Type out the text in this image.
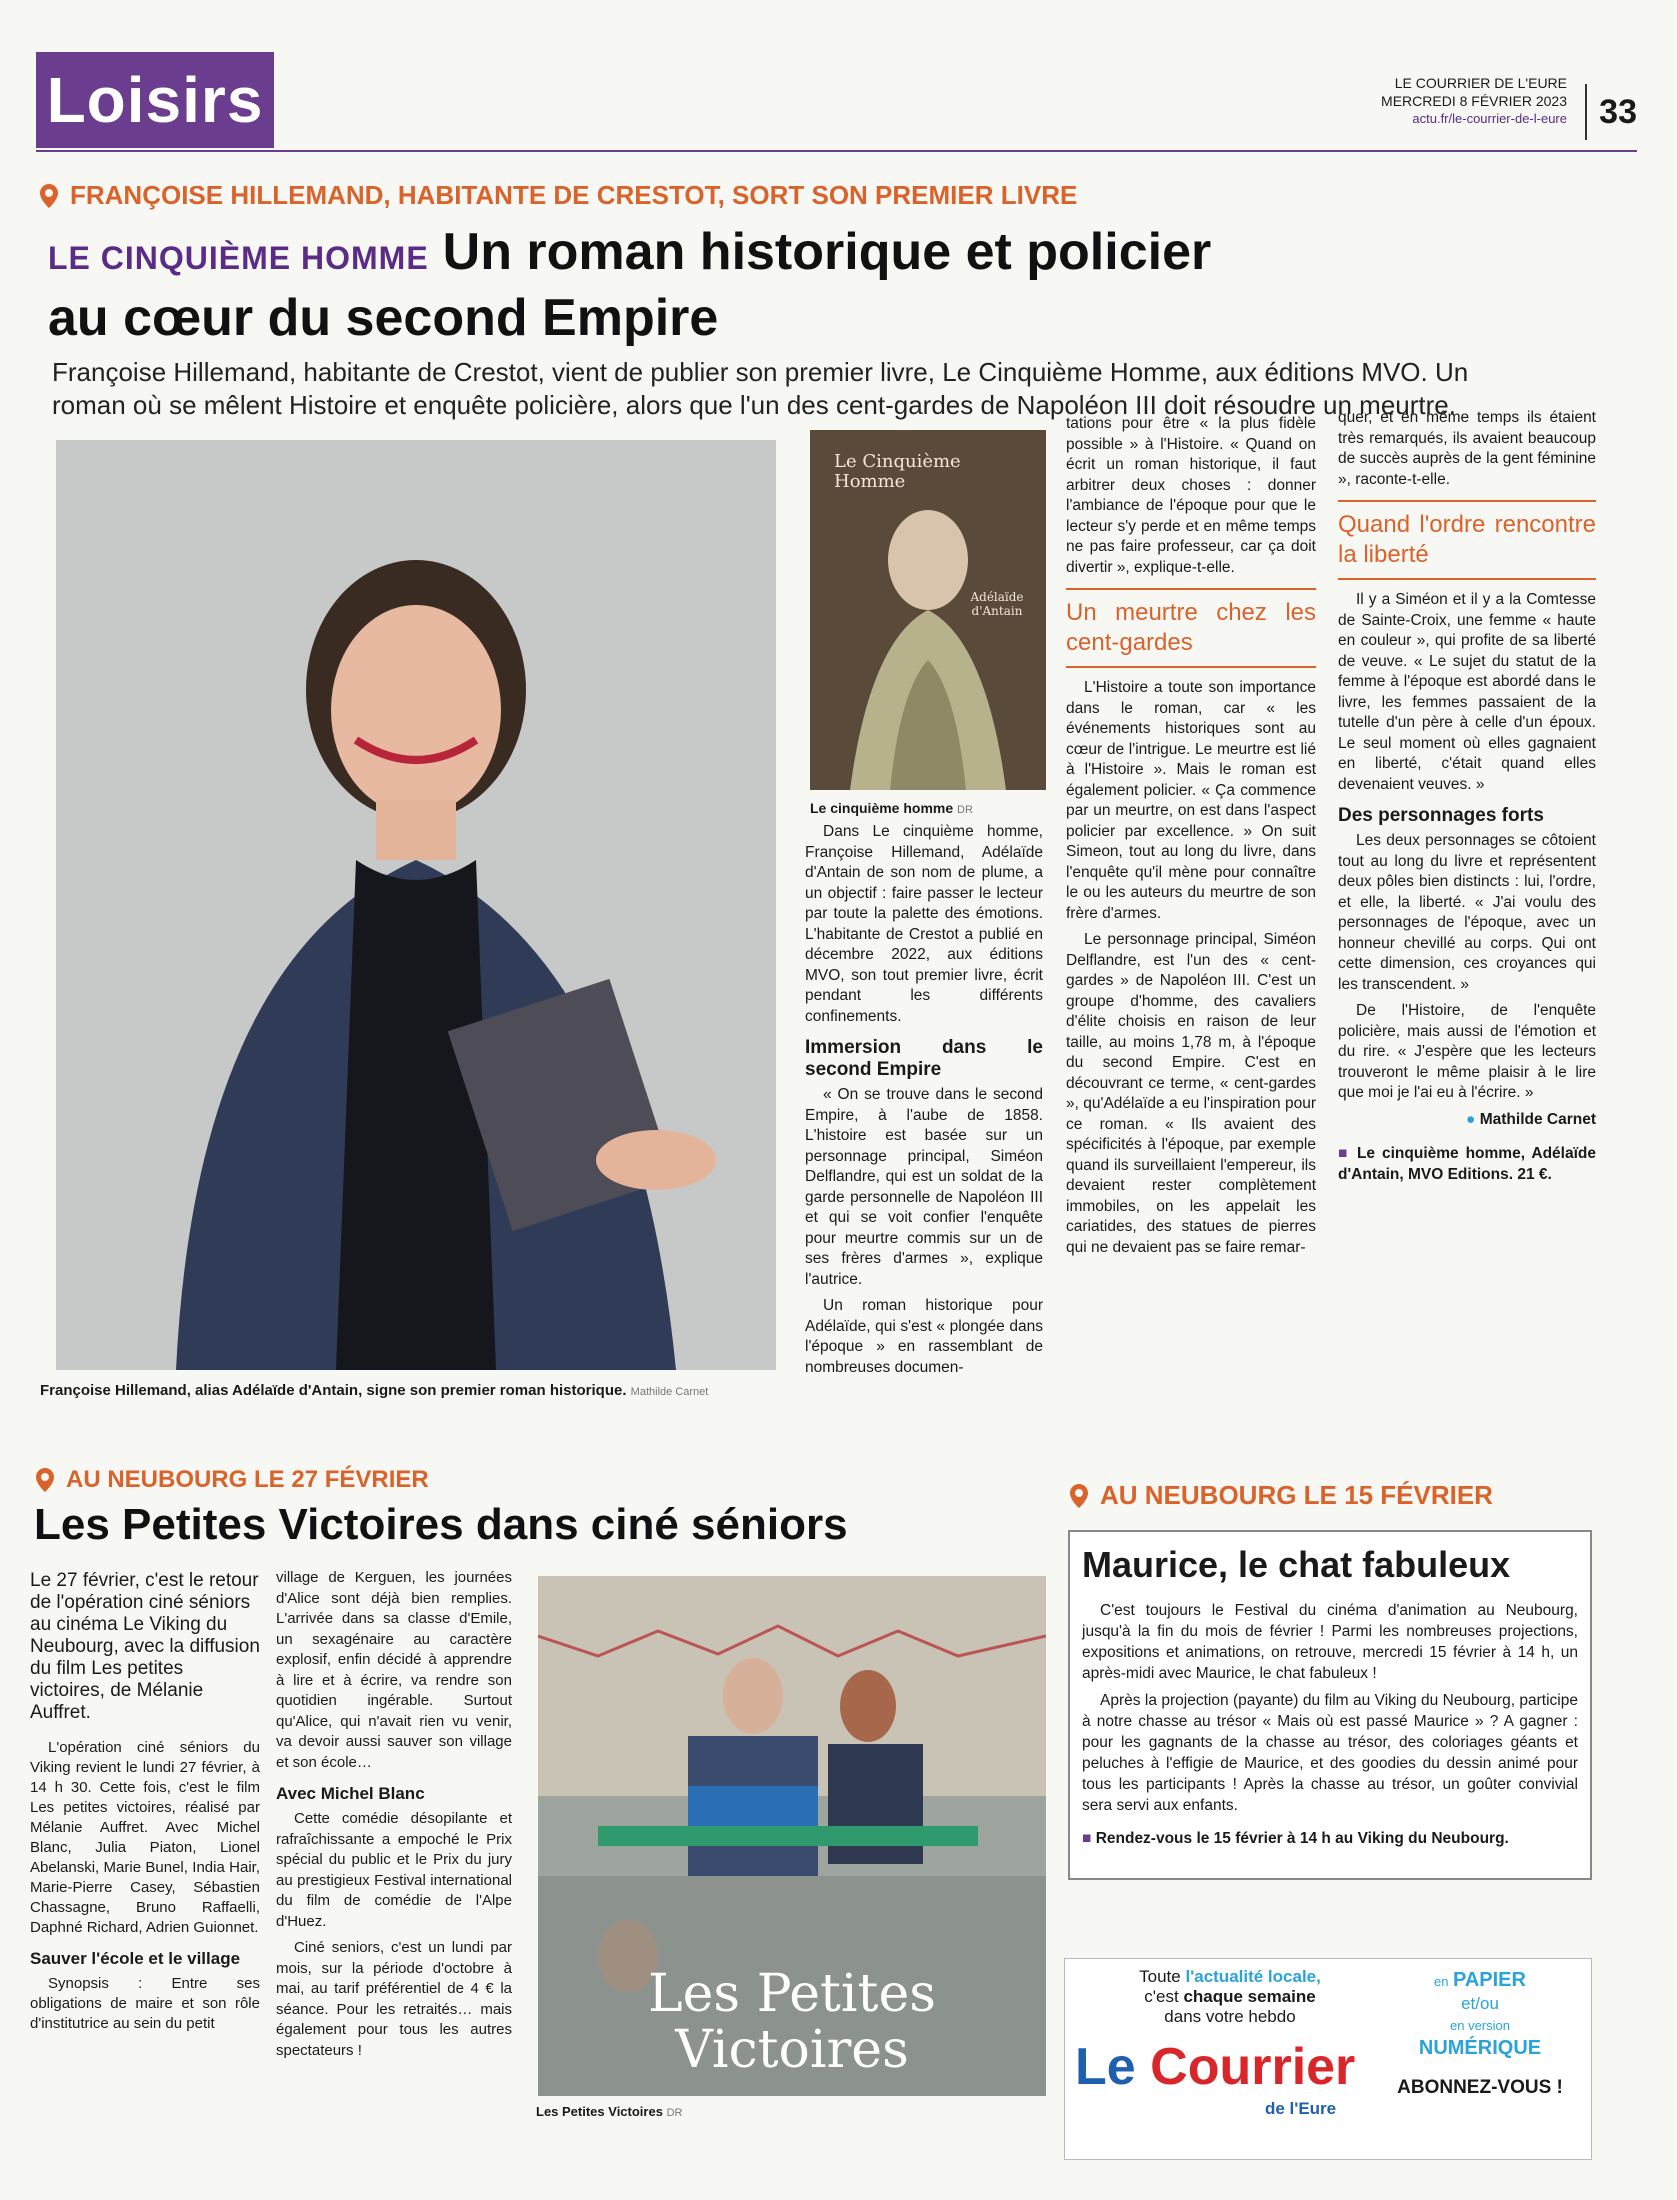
Loisirs	LE COURRIER DE L'EURE
MERCREDI 8 FÉVRIER 2023
actu.fr/le-courrier-de-l-eure 33
FRANÇOISE HILLEMAND, HABITANTE DE CRESTOT, SORT SON PREMIER LIVRE
LE CINQUIÈME HOMME Un roman historique et policier
au cœur du second Empire
Françoise Hillemand, habitante de Crestot, vient de publier son premier livre, Le Cinquième Homme, aux éditions MVO. Un roman où se mêlent Histoire et enquête policière, alors que l'un des cent-gardes de Napoléon III doit résoudre un meurtre.
Françoise Hillemand, alias Adélaïde d'Antain, signe son premier roman historique. Mathilde Carnet
Le Cinquième
Homme
Adélaïde d'Antain
Le cinquième homme DR

Dans Le cinquième homme, Françoise Hillemand, Adélaïde d'Antain de son nom de plume, a un objectif : faire passer le lecteur par toute la palette des émotions. L'habitante de Crestot a publié en décembre 2022, aux éditions MVO, son tout premier livre, écrit pendant les différents confinements.

Immersion dans le second Empire

« On se trouve dans le second Empire, à l'aube de 1858. L'histoire est basée sur un personnage principal, Siméon Delflandre, qui est un soldat de la garde personnelle de Napoléon III et qui se voit confier l'enquête pour meurtre commis sur un de ses frères d'armes », explique l'autrice.

Un roman historique pour Adélaïde, qui s'est « plongée dans l'époque » en rassemblant de nombreuses documen-

tations pour être « la plus fidèle possible » à l'Histoire. « Quand on écrit un roman historique, il faut arbitrer deux choses : donner l'ambiance de l'époque pour que le lecteur s'y perde et en même temps ne pas faire professeur, car ça doit divertir », explique-t-elle.

Un meurtre chez les cent-gardes

L'Histoire a toute son importance dans le roman, car « les événements historiques sont au cœur de l'intrigue. Le meurtre est lié à l'Histoire ». Mais le roman est également policier. « Ça commence par un meurtre, on est dans l'aspect policier par excellence. » On suit Simeon, tout au long du livre, dans l'enquête qu'il mène pour connaître le ou les auteurs du meurtre de son frère d'armes.

Le personnage principal, Siméon Delflandre, est l'un des « cent-gardes » de Napoléon III. C'est un groupe d'homme, des cavaliers d'élite choisis en raison de leur taille, au moins 1,78 m, à l'époque du second Empire. C'est en découvrant ce terme, « cent-gardes », qu'Adélaïde a eu l'inspiration pour ce roman. « Ils avaient des spécificités à l'époque, par exemple quand ils surveillaient l'empereur, ils devaient rester complètement immobiles, on les appelait les cariatides, des statues de pierres qui ne devaient pas se faire remar-

quer, et en même temps ils étaient très remarqués, ils avaient beaucoup de succès auprès de la gent féminine », raconte-t-elle.

Quand l'ordre rencontre la liberté

Il y a Siméon et il y a la Comtesse de Sainte-Croix, une femme « haute en couleur », qui profite de sa liberté de veuve. « Le sujet du statut de la femme à l'époque est abordé dans le livre, les femmes passaient de la tutelle d'un père à celle d'un époux. Le seul moment où elles gagnaient en liberté, c'était quand elles devenaient veuves. »

Des personnages forts

Les deux personnages se côtoient tout au long du livre et représentent deux pôles bien distincts : lui, l'ordre, et elle, la liberté. « J'ai voulu des personnages de l'époque, avec un honneur chevillé au corps. Qui ont cette dimension, ces croyances qui les transcendent. »

De l'Histoire, de l'enquête policière, mais aussi de l'émotion et du rire. « J'espère que les lecteurs trouveront le même plaisir à le lire que moi je l'ai eu à l'écrire. »

● Mathilde Carnet
■ Le cinquième homme, Adélaïde d'Antain, MVO Editions. 21 €.
AU NEUBOURG LE 27 FÉVRIER
Les Petites Victoires dans ciné séniors
Le 27 février, c'est le retour de l'opération ciné séniors au cinéma Le Viking du Neubourg, avec la diffusion du film Les petites victoires, de Mélanie Auffret.

L'opération ciné séniors du Viking revient le lundi 27 février, à 14 h 30. Cette fois, c'est le film Les petites victoires, réalisé par Mélanie Auffret. Avec Michel Blanc, Julia Piaton, Lionel Abelanski, Marie Bunel, India Hair, Marie-Pierre Casey, Sébastien Chassagne, Bruno Raffaelli, Daphné Richard, Adrien Guionnet.

Sauver l'école et le village

Synopsis : Entre ses obligations de maire et son rôle d'institutrice au sein du petit

village de Kerguen, les journées d'Alice sont déjà bien remplies. L'arrivée dans sa classe d'Emile, un sexagénaire au caractère explosif, enfin décidé à apprendre à lire et à écrire, va rendre son quotidien ingérable. Surtout qu'Alice, qui n'avait rien vu venir, va devoir aussi sauver son village et son école…

Avec Michel Blanc

Cette comédie désopilante et rafraîchissante a empoché le Prix spécial du public et le Prix du jury au prestigieux Festival international du film de comédie de l'Alpe d'Huez.

Ciné seniors, c'est un lundi par mois, sur la période d'octobre à mai, au tarif préférentiel de 4 € la séance. Pour les retraités… mais également pour tous les autres spectateurs !

Les Petites
Victoires
Les Petites Victoires DR
AU NEUBOURG LE 15 FÉVRIER
Maurice, le chat fabuleux

C'est toujours le Festival du cinéma d'animation au Neubourg, jusqu'à la fin du mois de février ! Parmi les nombreuses projections, expositions et animations, on retrouve, mercredi 15 février à 14 h, un après-midi avec Maurice, le chat fabuleux !

Après la projection (payante) du film au Viking du Neubourg, participe à notre chasse au trésor « Mais où est passé Maurice » ? A gagner : pour les gagnants de la chasse au trésor, des coloriages géants et peluches à l'effigie de Maurice, et des goodies du dessin animé pour tous les participants ! Après la chasse au trésor, un goûter convivial sera servi aux enfants.

■ Rendez-vous le 15 février à 14 h au Viking du Neubourg.
Toute l'actualité locale,
c'est chaque semaine
dans votre hebdo
Le Courrier
de l'Eure
en PAPIER
et/ou
en version
NUMÉRIQUE
ABONNEZ-VOUS !
